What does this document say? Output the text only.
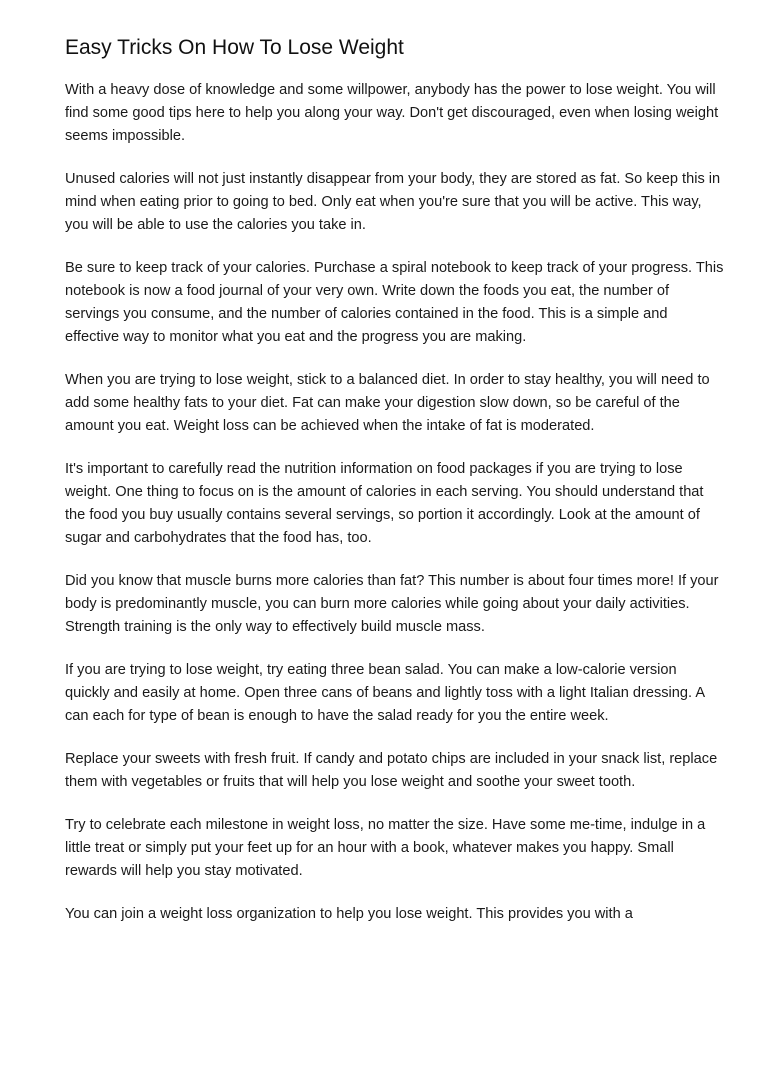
Easy Tricks On How To Lose Weight

With a heavy dose of knowledge and some willpower, anybody has the power to lose weight. You will find some good tips here to help you along your way. Don't get discouraged, even when losing weight seems impossible.

Unused calories will not just instantly disappear from your body, they are stored as fat. So keep this in mind when eating prior to going to bed. Only eat when you're sure that you will be active. This way, you will be able to use the calories you take in.

Be sure to keep track of your calories. Purchase a spiral notebook to keep track of your progress. This notebook is now a food journal of your very own. Write down the foods you eat, the number of servings you consume, and the number of calories contained in the food. This is a simple and effective way to monitor what you eat and the progress you are making.

When you are trying to lose weight, stick to a balanced diet. In order to stay healthy, you will need to add some healthy fats to your diet. Fat can make your digestion slow down, so be careful of the amount you eat. Weight loss can be achieved when the intake of fat is moderated.

It's important to carefully read the nutrition information on food packages if you are trying to lose weight. One thing to focus on is the amount of calories in each serving. You should understand that the food you buy usually contains several servings, so portion it accordingly. Look at the amount of sugar and carbohydrates that the food has, too.

Did you know that muscle burns more calories than fat? This number is about four times more! If your body is predominantly muscle, you can burn more calories while going about your daily activities. Strength training is the only way to effectively build muscle mass.

If you are trying to lose weight, try eating three bean salad. You can make a low-calorie version quickly and easily at home. Open three cans of beans and lightly toss with a light Italian dressing. A can each for type of bean is enough to have the salad ready for you the entire week.

Replace your sweets with fresh fruit. If candy and potato chips are included in your snack list, replace them with vegetables or fruits that will help you lose weight and soothe your sweet tooth.

Try to celebrate each milestone in weight loss, no matter the size. Have some me-time, indulge in a little treat or simply put your feet up for an hour with a book, whatever makes you happy. Small rewards will help you stay motivated.

You can join a weight loss organization to help you lose weight. This provides you with a
